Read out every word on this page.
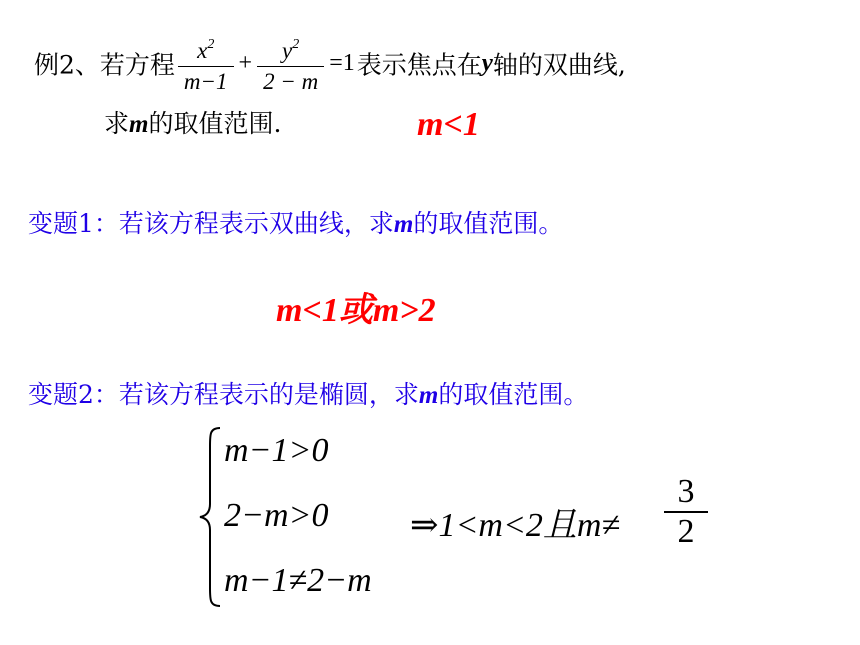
例2、若方程 $\frac{x^2}{m-1} + \frac{y^2}{2 - m} =1$表示焦点在y轴的双曲线,
求m的取值范围.	m<1
变题1：若该方程表示双曲线，求m的取值范围。
m<1或m>2
变题2：若该方程表示的是椭圆，求m的取值范围。
m−1>0
2−m>0
m−1≠2−m
⇒1<m<2且$m\ne \frac{3}{2}$
